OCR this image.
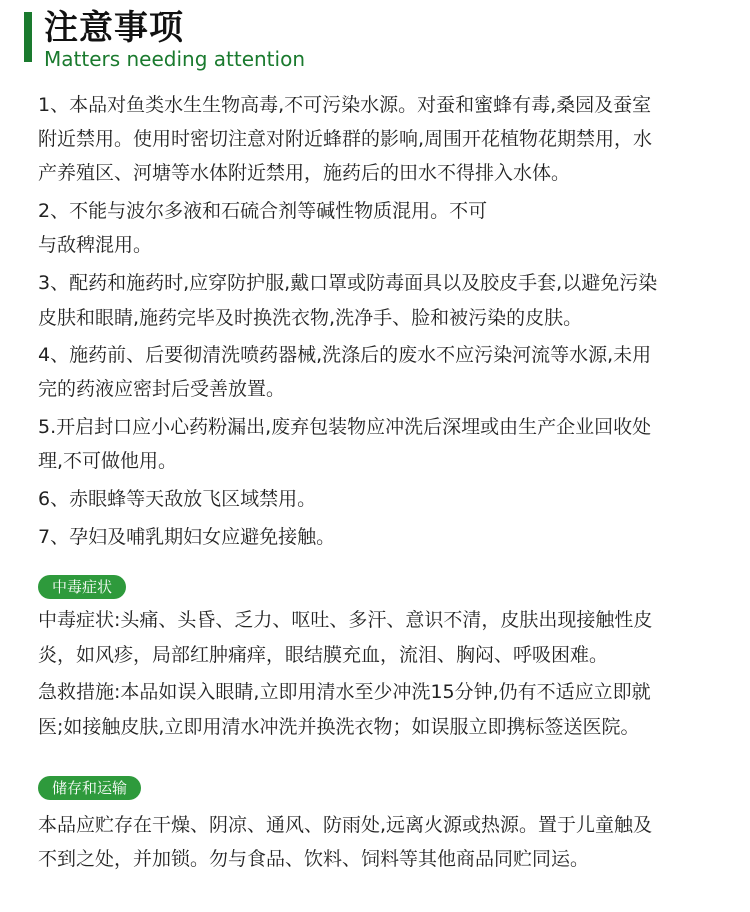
注意事项
Matters needing attention
1、本品对鱼类水生生物高毒,不可污染水源。对蚕和蜜蜂有毒,桑园及蚕室
附近禁用。使用时密切注意对附近蜂群的影响,周围开花植物花期禁用，水
产养殖区、河塘等水体附近禁用，施药后的田水不得排入水体。
2、不能与波尔多液和石硫合剂等碱性物质混用。不可
与敌稗混用。
3、配药和施药时,应穿防护服,戴口罩或防毒面具以及胶皮手套,以避免污染
皮肤和眼睛,施药完毕及时换洗衣物,洗净手、脸和被污染的皮肤。
4、施药前、后要彻清洗喷药器械,洗涤后的废水不应污染河流等水源,未用
完的药液应密封后受善放置。
5.开启封口应小心药粉漏出,废弃包装物应冲洗后深埋或由生产企业回收处
理,不可做他用。
6、赤眼蜂等天敌放飞区域禁用。
7、孕妇及哺乳期妇女应避免接触。
中毒症状
中毒症状:头痛、头昏、乏力、呕吐、多汗、意识不清，皮肤出现接触性皮
炎，如风疹，局部红肿痛痒，眼结膜充血，流泪、胸闷、呼吸困难。
急救措施:本品如误入眼睛,立即用清水至少冲洗15分钟,仍有不适应立即就
医;如接触皮肤,立即用清水冲洗并换洗衣物；如误服立即携标签送医院。
储存和运输
本品应贮存在干燥、阴凉、通风、防雨处,远离火源或热源。置于儿童触及
不到之处，并加锁。勿与食品、饮料、饲料等其他商品同贮同运。
